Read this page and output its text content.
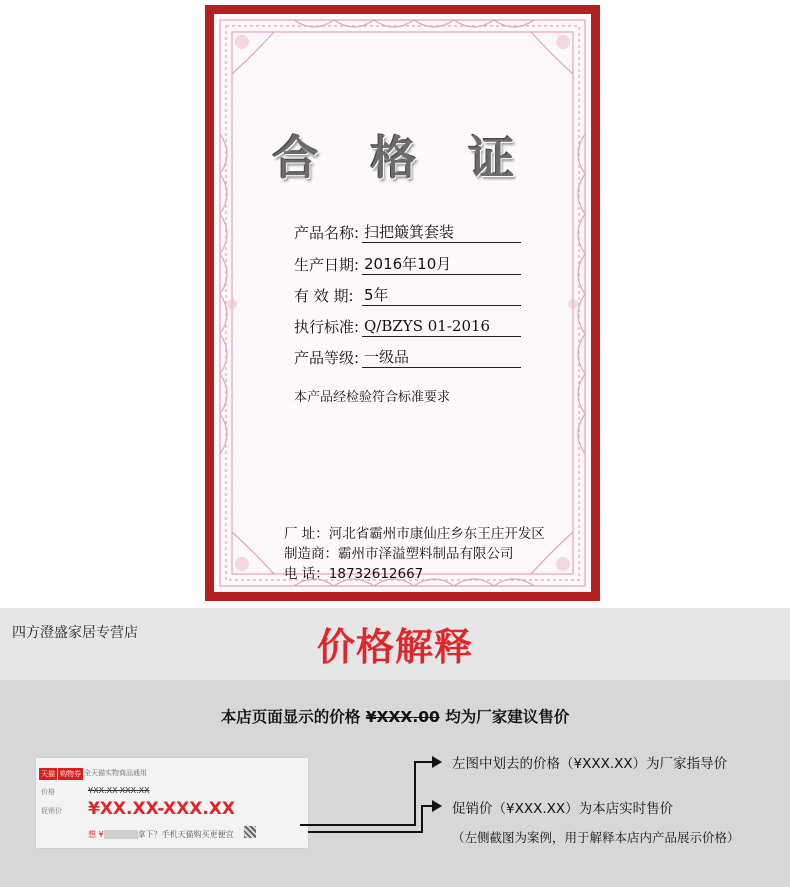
合 格 证
产品名称: 扫把簸箕套装
生产日期: 2016年10月
有 效 期: 5年
执行标准: Q/BZYS 01-2016
产品等级: 一级品
本产品经检验符合标准要求
厂 址：河北省霸州市康仙庄乡东王庄开发区
制造商：霸州市泽溢塑料制品有限公司
电 话：18732612667
四方澄盛家居专营店	价格解释
本店页面显示的价格 ¥XXX.00 均为厂家建议售价
天猫 购物券 全天猫实物商品通用
价格	¥XX.XX-XXX.XX
促销价 ¥XX.XX-XXX.XX
想 ¥	拿下？手机天猫购买更便宜
左图中划去的价格（¥XXX.XX）为厂家指导价
促销价（¥XXX.XX）为本店实时售价
（左侧截图为案例，用于解释本店内产品展示价格）
